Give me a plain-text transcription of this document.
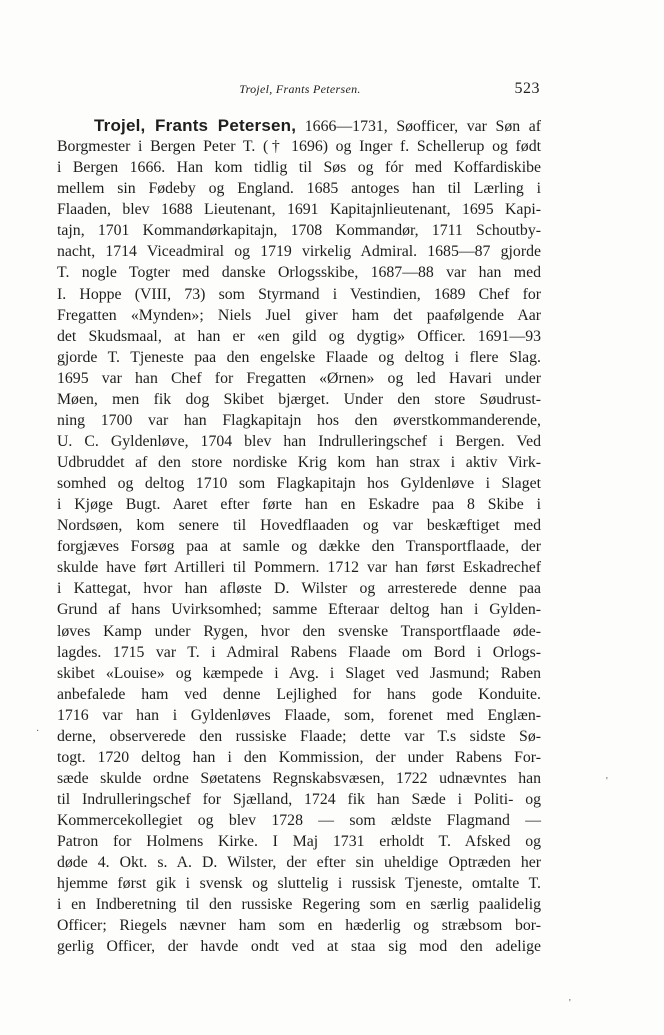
Trojel, Frants Petersen.	523
Trojel, Frants Petersen, 1666—1731, Søofficer, var Søn af
Borgmester i Bergen Peter T. († 1696) og Inger f. Schellerup og født
i Bergen 1666. Han kom tidlig til Søs og fór med Koffardiskibe
mellem sin Fødeby og England. 1685 antoges han til Lærling i
Flaaden, blev 1688 Lieutenant, 1691 Kapitajnlieutenant, 1695 Kapi-
tajn, 1701 Kommandørkapitajn, 1708 Kommandør, 1711 Schoutby-
nacht, 1714 Viceadmiral og 1719 virkelig Admiral. 1685—87 gjorde
T. nogle Togter med danske Orlogsskibe, 1687—88 var han med
I. Hoppe (VIII, 73) som Styrmand i Vestindien, 1689 Chef for
Fregatten «Mynden»; Niels Juel giver ham det paafølgende Aar
det Skudsmaal, at han er «en gild og dygtig» Officer. 1691—93
gjorde T. Tjeneste paa den engelske Flaade og deltog i flere Slag.
1695 var han Chef for Fregatten «Ørnen» og led Havari under
Møen, men fik dog Skibet bjærget. Under den store Søudrust-
ning 1700 var han Flagkapitajn hos den øverstkommanderende,
U. C. Gyldenløve, 1704 blev han Indrulleringschef i Bergen. Ved
Udbruddet af den store nordiske Krig kom han strax i aktiv Virk-
somhed og deltog 1710 som Flagkapitajn hos Gyldenløve i Slaget
i Kjøge Bugt. Aaret efter førte han en Eskadre paa 8 Skibe i
Nordsøen, kom senere til Hovedflaaden og var beskæftiget med
forgjæves Forsøg paa at samle og dække den Transportflaade, der
skulde have ført Artilleri til Pommern. 1712 var han først Eskadrechef
i Kattegat, hvor han afløste D. Wilster og arresterede denne paa
Grund af hans Uvirksomhed; samme Efteraar deltog han i Gylden-
løves Kamp under Rygen, hvor den svenske Transportflaade øde-
lagdes. 1715 var T. i Admiral Rabens Flaade om Bord i Orlogs-
skibet «Louise» og kæmpede i Avg. i Slaget ved Jasmund; Raben
anbefalede ham ved denne Lejlighed for hans gode Konduite.
1716 var han i Gyldenløves Flaade, som, forenet med Englæn-
derne, observerede den russiske Flaade; dette var T.s sidste Sø-
togt. 1720 deltog han i den Kommission, der under Rabens For-
sæde skulde ordne Søetatens Regnskabsvæsen, 1722 udnævntes han
til Indrulleringschef for Sjælland, 1724 fik han Sæde i Politi- og
Kommercekollegiet og blev 1728 — som ældste Flagmand —
Patron for Holmens Kirke. I Maj 1731 erholdt T. Afsked og
døde 4. Okt. s. A. D. Wilster, der efter sin uheldige Optræden her
hjemme først gik i svensk og sluttelig i russisk Tjeneste, omtalte T.
i en Indberetning til den russiske Regering som en særlig paalidelig
Officer; Riegels nævner ham som en hæderlig og stræbsom bor-
gerlig Officer, der havde ondt ved at staa sig mod den adelige
·
'
'
